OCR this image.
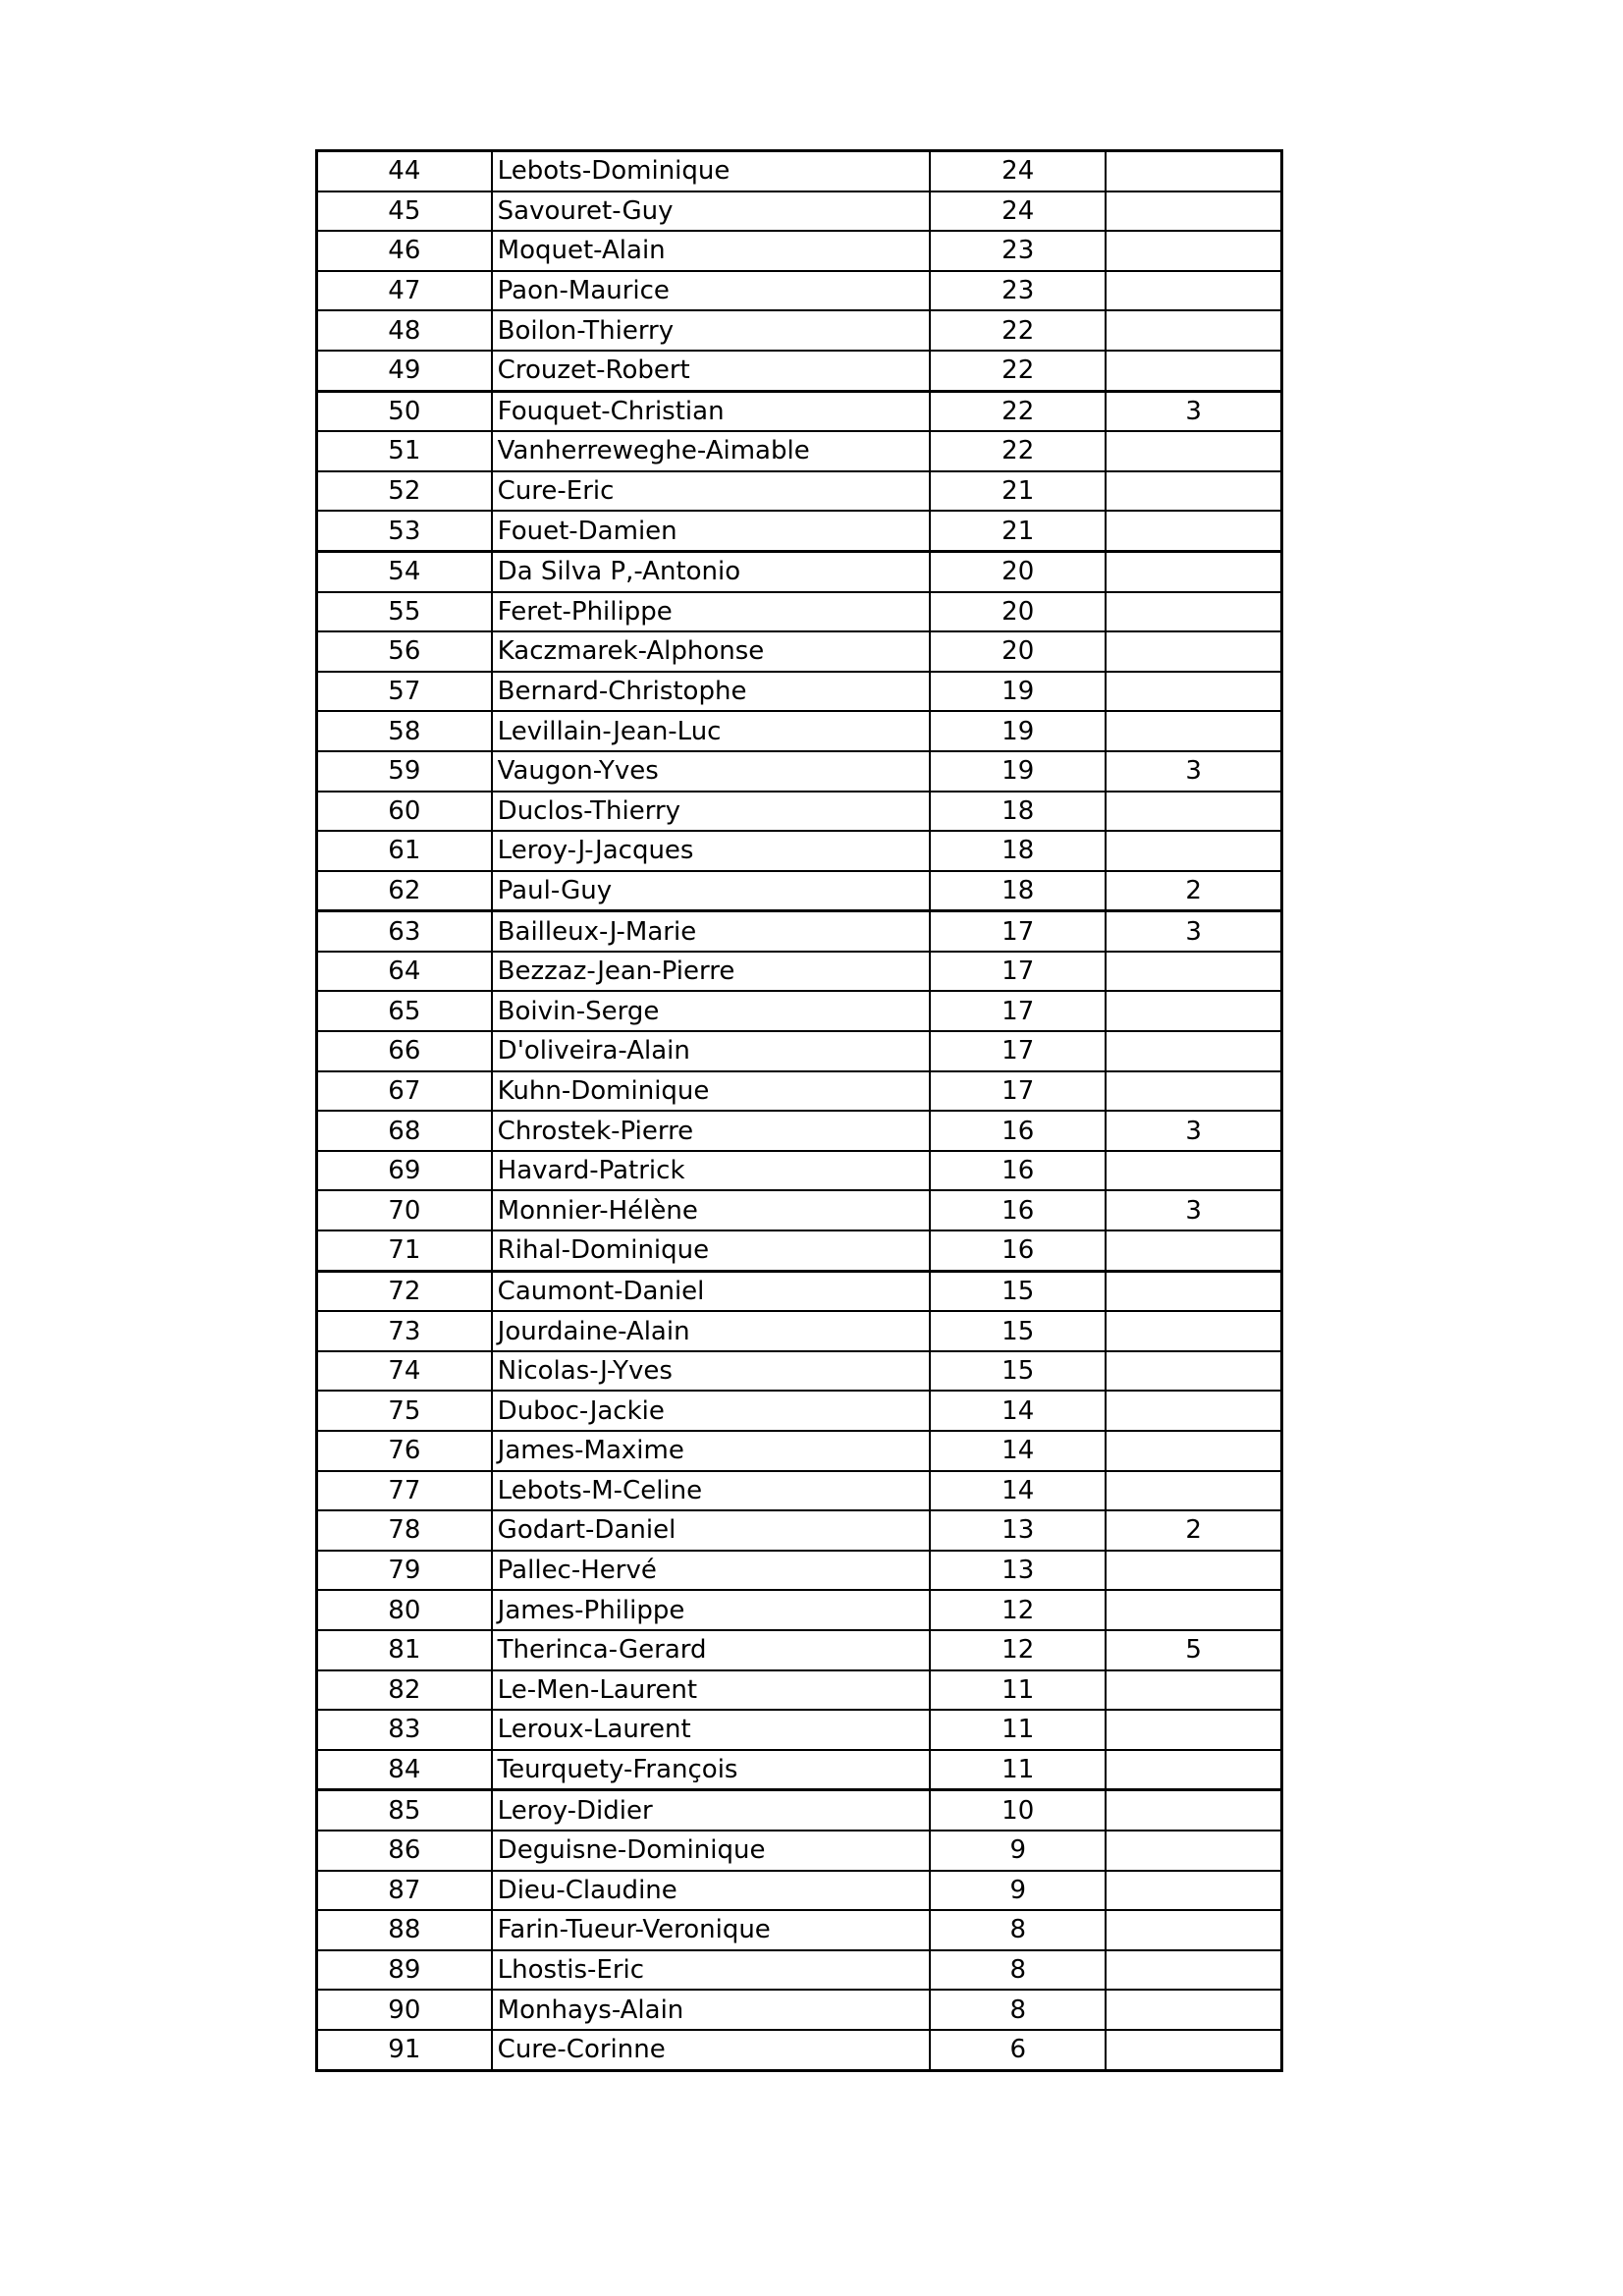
44	Lebots-Dominique	24	
45	Savouret-Guy	24	
46	Moquet-Alain	23	
47	Paon-Maurice	23	
48	Boilon-Thierry	22	
49	Crouzet-Robert	22	
50	Fouquet-Christian	22	3
51	Vanherreweghe-Aimable	22	
52	Cure-Eric	21	
53	Fouet-Damien	21	
54	Da Silva P,-Antonio	20	
55	Feret-Philippe	20	
56	Kaczmarek-Alphonse	20	
57	Bernard-Christophe	19	
58	Levillain-Jean-Luc	19	
59	Vaugon-Yves	19	3
60	Duclos-Thierry	18	
61	Leroy-J-Jacques	18	
62	Paul-Guy	18	2
63	Bailleux-J-Marie	17	3
64	Bezzaz-Jean-Pierre	17	
65	Boivin-Serge	17	
66	D'oliveira-Alain	17	
67	Kuhn-Dominique	17	
68	Chrostek-Pierre	16	3
69	Havard-Patrick	16	
70	Monnier-Hélène	16	3
71	Rihal-Dominique	16	
72	Caumont-Daniel	15	
73	Jourdaine-Alain	15	
74	Nicolas-J-Yves	15	
75	Duboc-Jackie	14	
76	James-Maxime	14	
77	Lebots-M-Celine	14	
78	Godart-Daniel	13	2
79	Pallec-Hervé	13	
80	James-Philippe	12	
81	Therinca-Gerard	12	5
82	Le-Men-Laurent	11	
83	Leroux-Laurent	11	
84	Teurquety-François	11	
85	Leroy-Didier	10	
86	Deguisne-Dominique	9	
87	Dieu-Claudine	9	
88	Farin-Tueur-Veronique	8	
89	Lhostis-Eric	8	
90	Monhays-Alain	8	
91	Cure-Corinne	6	
